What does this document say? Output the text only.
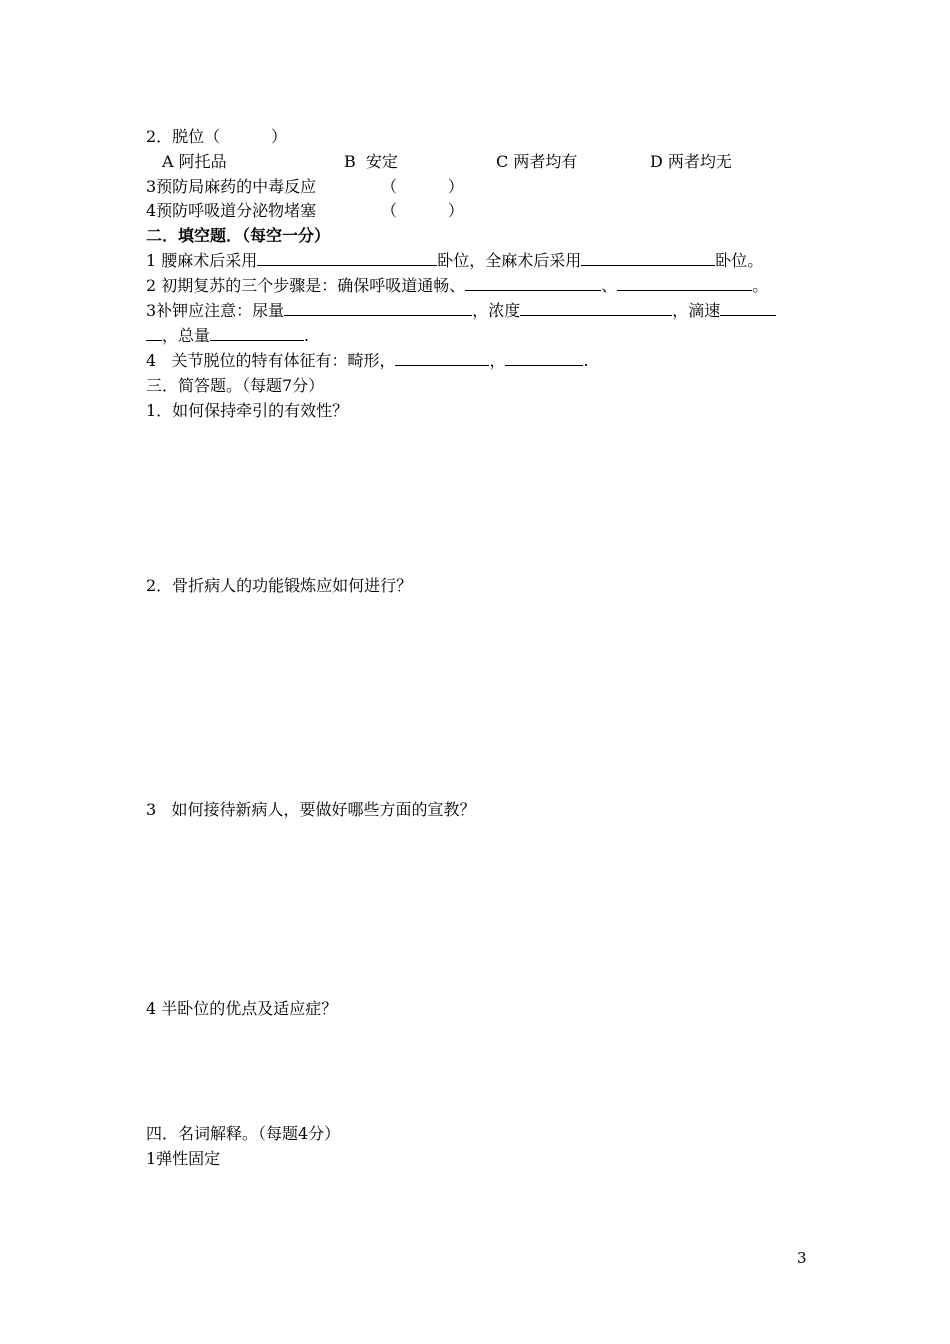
2．脱位（          ）
A 阿托品	B  安定	C 两者均有	D 两者均无
3预防局麻药的中毒反应	（          ）
4预防呼吸道分泌物堵塞	（          ）
二．填空题．（每空一分）
1 腰麻术后采用	卧位，全麻术后采用	卧位。
2 初期复苏的三个步骤是：确保呼吸道通畅、	、	。
3补钾应注意：尿量	，浓度	，滴速
，总量	.
4   关节脱位的特有体征有：畸形，	，	.
三．简答题。（每题7分）
1．如何保持牵引的有效性？
2．骨折病人的功能锻炼应如何进行？
3   如何接待新病人，要做好哪些方面的宣教？
4 半卧位的优点及适应症？
四．名词解释。（每题4分）
1弹性固定
3
